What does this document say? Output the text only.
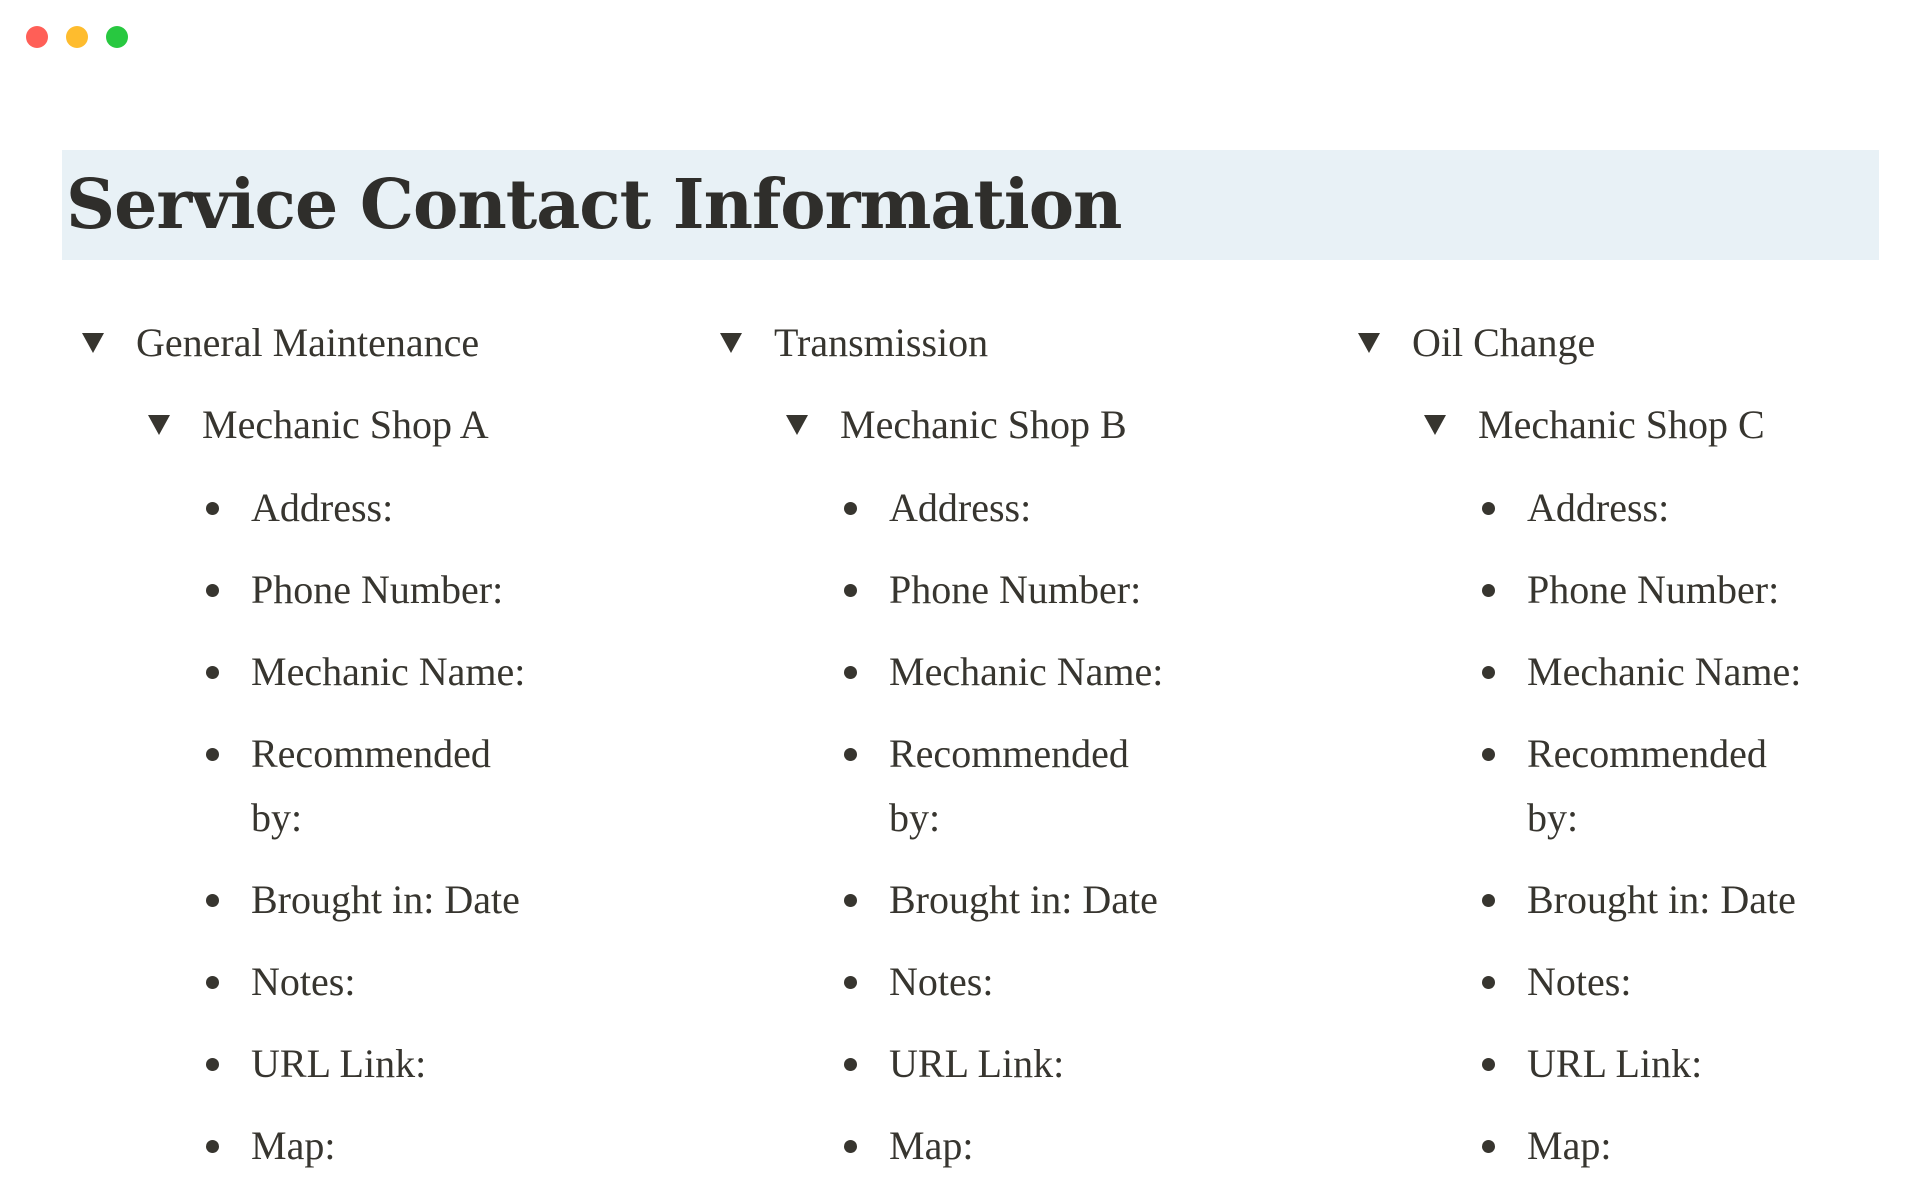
Service Contact Information
General Maintenance
Mechanic Shop A
Address:
Phone Number:
Mechanic Name:
Recommended by:
Brought in: Date
Notes:
URL Link:
Map:
Transmission
Mechanic Shop B
Address:
Phone Number:
Mechanic Name:
Recommended by:
Brought in: Date
Notes:
URL Link:
Map:
Oil Change
Mechanic Shop C
Address:
Phone Number:
Mechanic Name:
Recommended by:
Brought in: Date
Notes:
URL Link:
Map:
